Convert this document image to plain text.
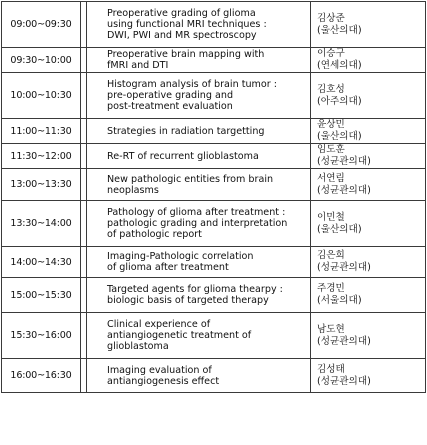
09:00~09:30		Preoperative grading of glioma
using functional MRI techniques :
DWI, PWI and MR spectroscopy	김상준
(울산의대)

09:30~10:00		Preoperative brain mapping with
fMRI and DTI	이승구
(연세의대)

10:00~10:30		Histogram analysis of brain tumor :
pre-operative grading and
post-treatment evaluation	김호성
(아주의대)

11:00~11:30		Strategies in radiation targetting	윤상민
(울산의대)

11:30~12:00		Re-RT of recurrent glioblastoma	임도훈
(성균관의대)

13:00~13:30		New pathologic entities from brain
neoplasms	서연림
(성균관의대)

13:30~14:00		Pathology of glioma after treatment :
pathologic grading and interpretation
of pathologic report	이민철
(울산의대)

14:00~14:30		Imaging-Pathologic correlation
of glioma after treatment	김은희
(성균관의대)

15:00~15:30		Targeted agents for glioma thearpy :
biologic basis of targeted therapy	주경민
(서울의대)

15:30~16:00		Clinical experience of
antiangiogenetic treatment of
glioblastoma	남도현
(성균관의대)

16:00~16:30		Imaging evaluation of
antiangiogenesis effect	김성태
(성균관의대)
